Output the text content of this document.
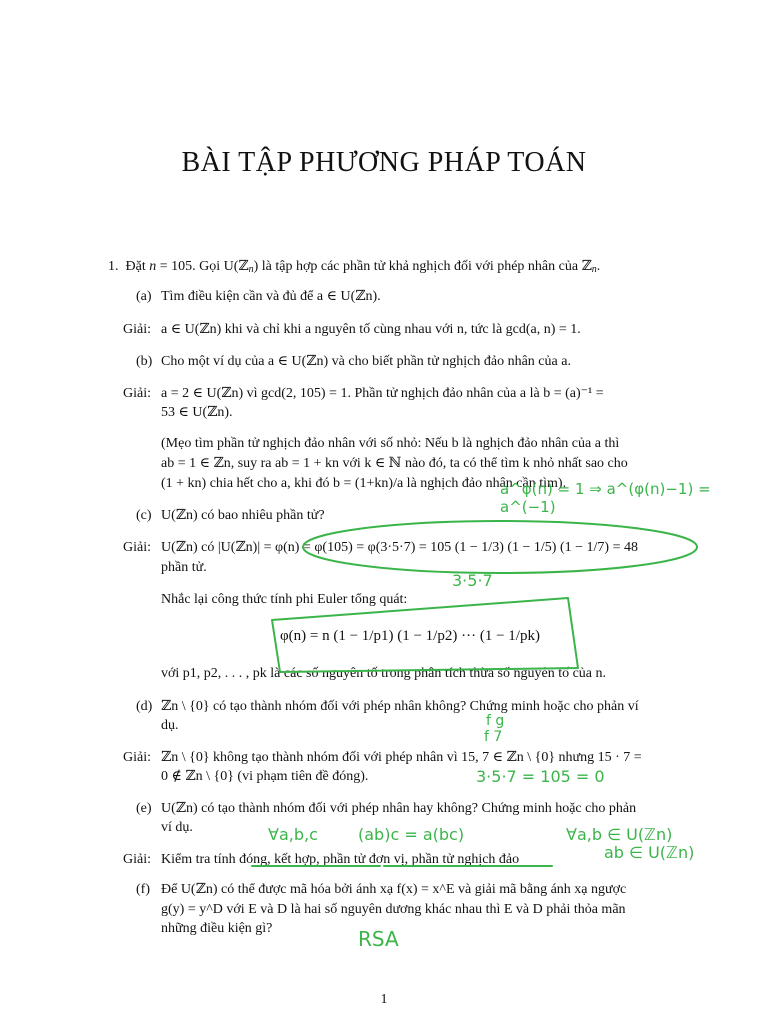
BÀI TẬP PHƯƠNG PHÁP TOÁN
1. Đặt n = 105. Gọi U(ℤ$_n$) là tập hợp các phần tử khả nghịch đối với phép nhân của ℤ$_n$.
(a) Tìm điều kiện cần và đủ để a ∈ U(ℤn).
Giải: a ∈ U(ℤn) khi và chỉ khi a nguyên tố cùng nhau với n, tức là gcd(a, n) = 1.
(b) Cho một ví dụ của a ∈ U(ℤn) và cho biết phần tử nghịch đảo nhân của a.
Giải: a = 2 ∈ U(ℤn) vì gcd(2, 105) = 1. Phần tử nghịch đảo nhân của a là b = (a)⁻¹ =
53 ∈ U(ℤn).
(Mẹo tìm phần tử nghịch đảo nhân với số nhỏ: Nếu b là nghịch đảo nhân của a thì
ab = 1 ∈ ℤn, suy ra ab = 1 + kn với k ∈ ℕ nào đó, ta có thể tìm k nhỏ nhất sao cho
(1 + kn) chia hết cho a, khi đó b = (1+kn)/a là nghịch đảo nhân cần tìm).
(c) U(ℤn) có bao nhiêu phần tử?
Giải: U(ℤn) có |U(ℤn)| = φ(n) = φ(105) = φ(3·5·7) = 105 (1 − 1/3) (1 − 1/5) (1 − 1/7) = 48
phần tử.
Nhắc lại công thức tính phi Euler tổng quát:
φ(n) = n (1 − 1/p1) (1 − 1/p2) ··· (1 − 1/pk)
với p1, p2, . . . , pk là các số nguyên tố trong phân tích thừa số nguyên tố của n.
(d) ℤn \ {0} có tạo thành nhóm đối với phép nhân không? Chứng minh hoặc cho phản ví
dụ.
Giải: ℤn \ {0} không tạo thành nhóm đối với phép nhân vì 15, 7 ∈ ℤn \ {0} nhưng 15 · 7 =
0 ∉ ℤn \ {0} (vi phạm tiên đề đóng).
(e) U(ℤn) có tạo thành nhóm đối với phép nhân hay không? Chứng minh hoặc cho phản
ví dụ.
Giải: Kiểm tra tính đóng, kết hợp, phần tử đơn vị, phần tử nghịch đảo
(f) Để U(ℤn) có thể được mã hóa bởi ánh xạ f(x) = x^E và giải mã bằng ánh xạ ngược
g(y) = y^D với E và D là hai số nguyên dương khác nhau thì E và D phải thỏa mãn
những điều kiện gì?
a^φ(n) = 1 ⇒ a^(φ(n)−1) = a^(−1)
3·5·7
f g
f 7
3·5·7 = 105 = 0
∀a,b,c	(ab)c = a(bc)	∀a,b ∈ U(ℤn)
ab ∈ U(ℤn)
RSA
1
